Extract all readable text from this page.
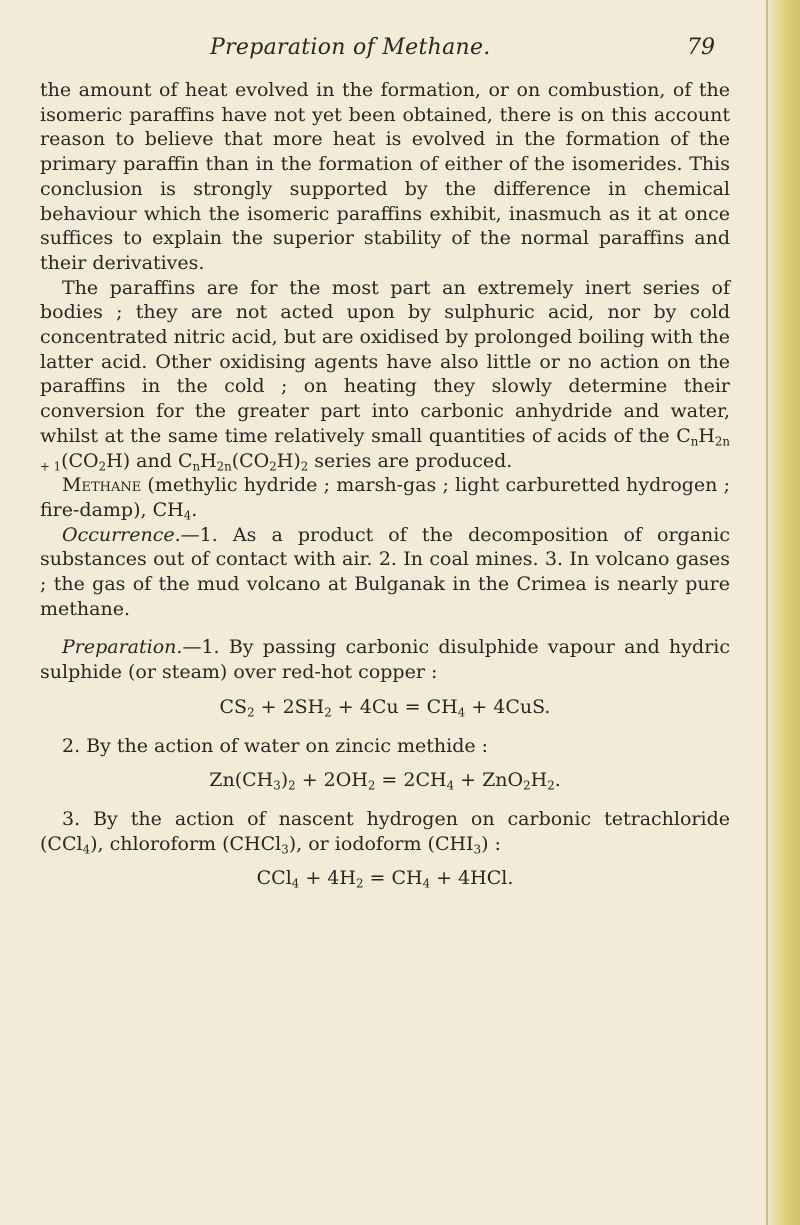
Preparation of Methane.	79

the amount of heat evolved in the formation, or on combustion, of the isomeric paraffins have not yet been obtained, there is on this account reason to believe that more heat is evolved in the formation of the primary paraffin than in the formation of either of the isomerides. This conclusion is strongly supported by the difference in chemical behaviour which the isomeric paraffins exhibit, inasmuch as it at once suffices to explain the superior stability of the normal paraffins and their derivatives.

The paraffins are for the most part an extremely inert series of bodies ; they are not acted upon by sulphuric acid, nor by cold concentrated nitric acid, but are oxidised by prolonged boiling with the latter acid. Other oxidising agents have also little or no action on the paraffins in the cold ; on heating they slowly determine their conversion for the greater part into carbonic anhydride and water, whilst at the same time relatively small quantities of acids of the $C_nH_{2n + 1}(CO_2H)$ and $C_nH_{2n}(CO_2H)_2$ series are produced.

Methane (methylic hydride ; marsh-gas ; light carburetted hydrogen ; fire-damp), $CH_4$.

Occurrence.—1. As a product of the decomposition of organic substances out of contact with air. 2. In coal mines. 3. In volcano gases ; the gas of the mud volcano at Bulganak in the Crimea is nearly pure methane.

Preparation.—1. By passing carbonic disulphide vapour and hydric sulphide (or steam) over red-hot copper :

$CS_2 + 2SH_2 + 4Cu = CH_4 + 4CuS$.

2. By the action of water on zincic methide :

$Zn(CH_3)_2 + 2OH_2 = 2CH_4 + ZnO_2H_2$.

3. By the action of nascent hydrogen on carbonic tetrachloride (CCl$_4$), chloroform (CHCl$_3$), or iodoform $(CHI_3)$ :

$CCl_4 + 4H_2 = CH_4 + 4HCl$.
